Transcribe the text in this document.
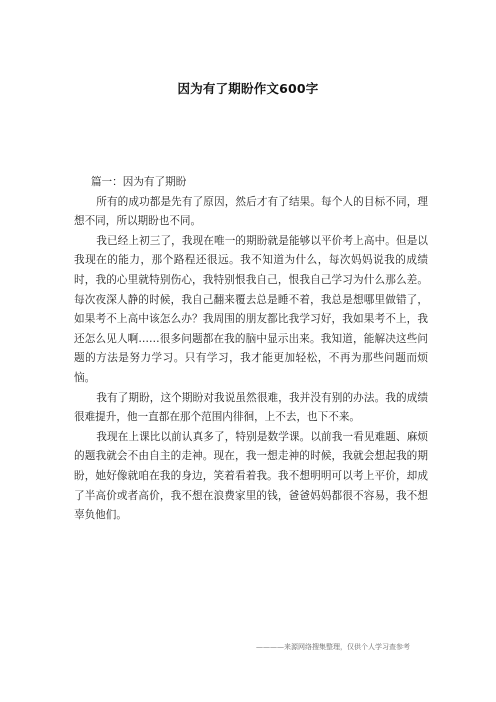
因为有了期盼作文600字

篇一：因为有了期盼

所有的成功都是先有了原因，然后才有了结果。每个人的目标不同，理想不同，所以期盼也不同。

我已经上初三了，我现在唯一的期盼就是能够以平价考上高中。但是以我现在的能力，那个路程还很远。我不知道为什么，每次妈妈说我的成绩时，我的心里就特别伤心，我特别恨我自己，恨我自己学习为什么那么差。每次夜深人静的时候，我自己翻来覆去总是睡不着，我总是想哪里做错了，如果考不上高中该怎么办？我周围的朋友都比我学习好，我如果考不上，我还怎么见人啊……很多问题都在我的脑中显示出来。我知道，能解决这些问题的方法是努力学习。只有学习，我才能更加轻松，不再为那些问题而烦恼。

我有了期盼，这个期盼对我说虽然很难，我并没有别的办法。我的成绩很难提升，他一直都在那个范围内徘徊，上不去，也下不来。

我现在上课比以前认真多了，特别是数学课。以前我一看见难题、麻烦的题我就会不由自主的走神。现在，我一想走神的时候，我就会想起我的期盼，她好像就咱在我的身边，笑着看着我。我不想明明可以考上平价，却成了半高价或者高价，我不想在浪费家里的钱，爸爸妈妈都很不容易，我不想辜负他们。

————来源网络搜集整理，仅供个人学习查参考
